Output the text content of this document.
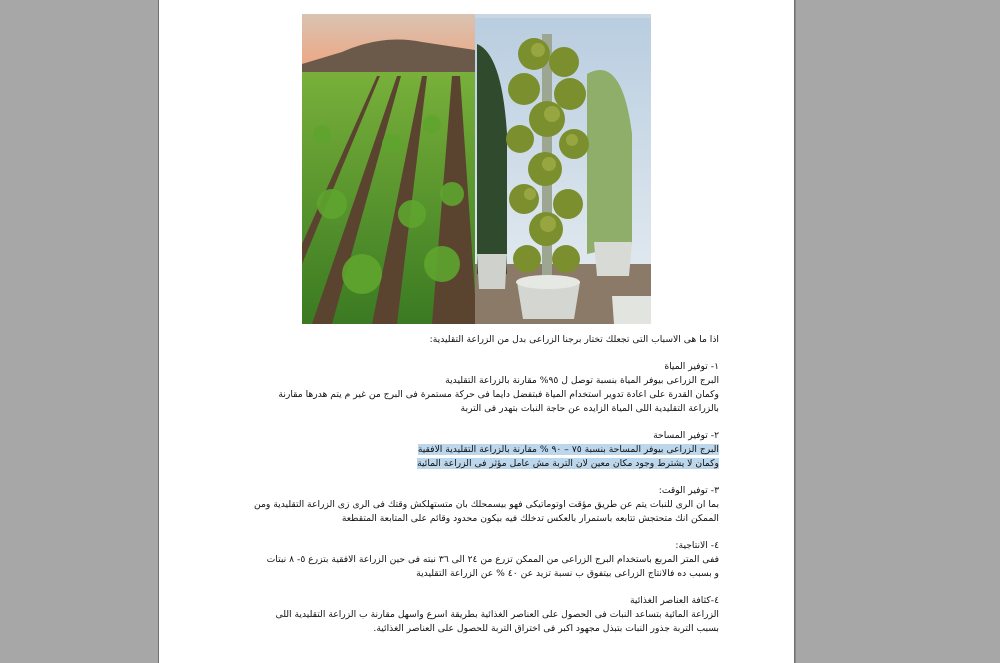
اذا ما هى الاسباب التى تجعلك تختار برجنا الزراعى بدل من الزراعة التقليدية:

١- توفير المياة

البرج الزراعى بيوفر المياة بنسبة توصل ل ٩٥% مقارنة بالزراعة التقليدية

وكمان القدرة على اعادة تدوير استخدام المياة فبتفضل دايما فى حركة مستمرة فى البرج من غير م يتم هدرها مقارنة

بالزراعة التقليدية اللى المياة الزايده عن حاجة النبات بتهدر فى التربة

٢- توفير المساحة

البرج الزراعى بيوفر المساحة بنسبة ٧٥ – ٩٠ % مقارنة بالزراعة التقليدية الافقية

وكمان لا يشترط وجود مكان معين لان التربة مش عامل مؤثر فى الزراعة المائية

٣- توفير الوقت:

بما ان الرى للنبات يتم عن طريق مؤقت اوتوماتيكى فهو بيسمحلك بان متستهلكش وقتك فى الرى زى الزراعة التقليدية ومن

الممكن انك متحتجش تتابعه باستمرار بالعكس تدخلك فيه بيكون محدود وقائم على المتابعة المتقطعة

٤- الانتاجية:

ففى المتر المربع باستخدام البرج الزراعى من الممكن تزرع من ٢٤ الى ٣٦ نبته فى حين الزراعة الافقية بتزرع ٥- ٨ نبتات

و بسبب ده فالانتاج الزراعى بيتفوق ب نسبة تزيد عن ٤٠ % عن الزراعة التقليدية

٤-كثافة العناصر الغذائية

الزراعة المائية بتساعد النبات فى الحصول على العناصر الغذائية بطريقة اسرع واسهل مقارنة ب الزراعة التقليدية اللى

بسبب التربة جذور النبات بتبذل مجهود اكبر فى اختراق التربة للحصول على العناصر الغذائية.
